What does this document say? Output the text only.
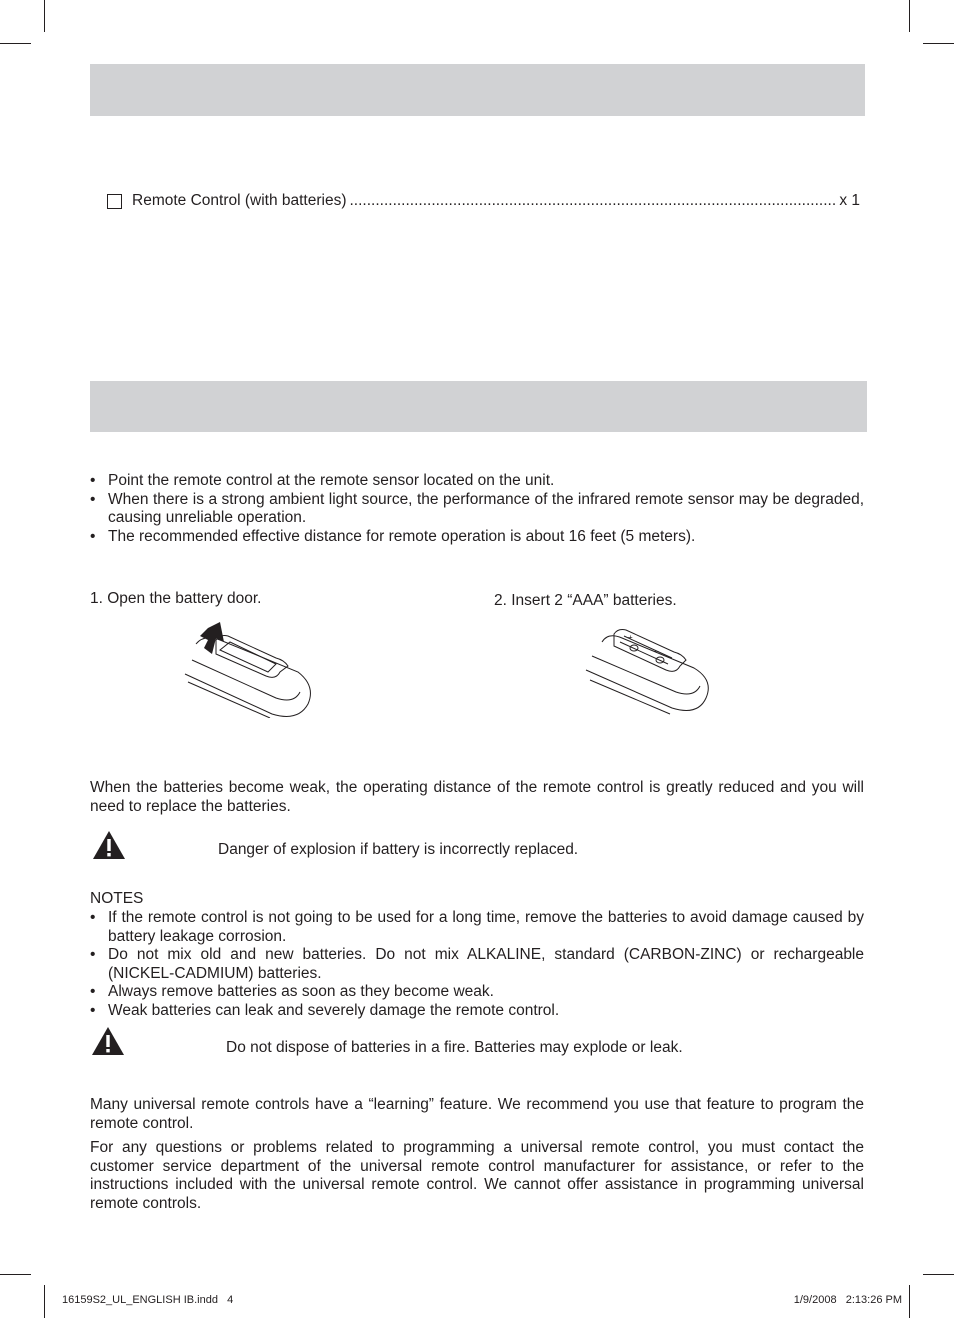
Remote Control (with batteries)
.....	x 1
• Point the remote control at the remote sensor located on the unit.
• When there is a strong ambient light source, the performance of the infrared remote sensor may be degraded, causing unreliable operation.
• The recommended effective distance for remote operation is about 16 feet (5 meters).
1. Open the battery door.	2. Insert 2 “AAA” batteries.
+
−
When the batteries become weak, the operating distance of the remote control is greatly reduced and you will need to replace the batteries.
Danger of explosion if battery is incorrectly replaced.
NOTES
• If the remote control is not going to be used for a long time, remove the batteries to avoid damage caused by battery leakage corrosion.
• Do not mix old and new batteries. Do not mix ALKALINE, standard (CARBON-ZINC) or rechargeable (NICKEL-CADMIUM) batteries.
• Always remove batteries as soon as they become weak.
• Weak batteries can leak and severely damage the remote control.
Do not dispose of batteries in a fire. Batteries may explode or leak.
Many universal remote controls have a “learning” feature. We recommend you use that feature to program the remote control.
For any questions or problems related to programming a universal remote control, you must contact the customer service department of the universal remote control manufacturer for assistance, or refer to the instructions included with the universal remote control. We cannot offer assistance in programming universal remote controls.
16159S2_UL_ENGLISH IB.indd   4	1/9/2008   2:13:26 PM
